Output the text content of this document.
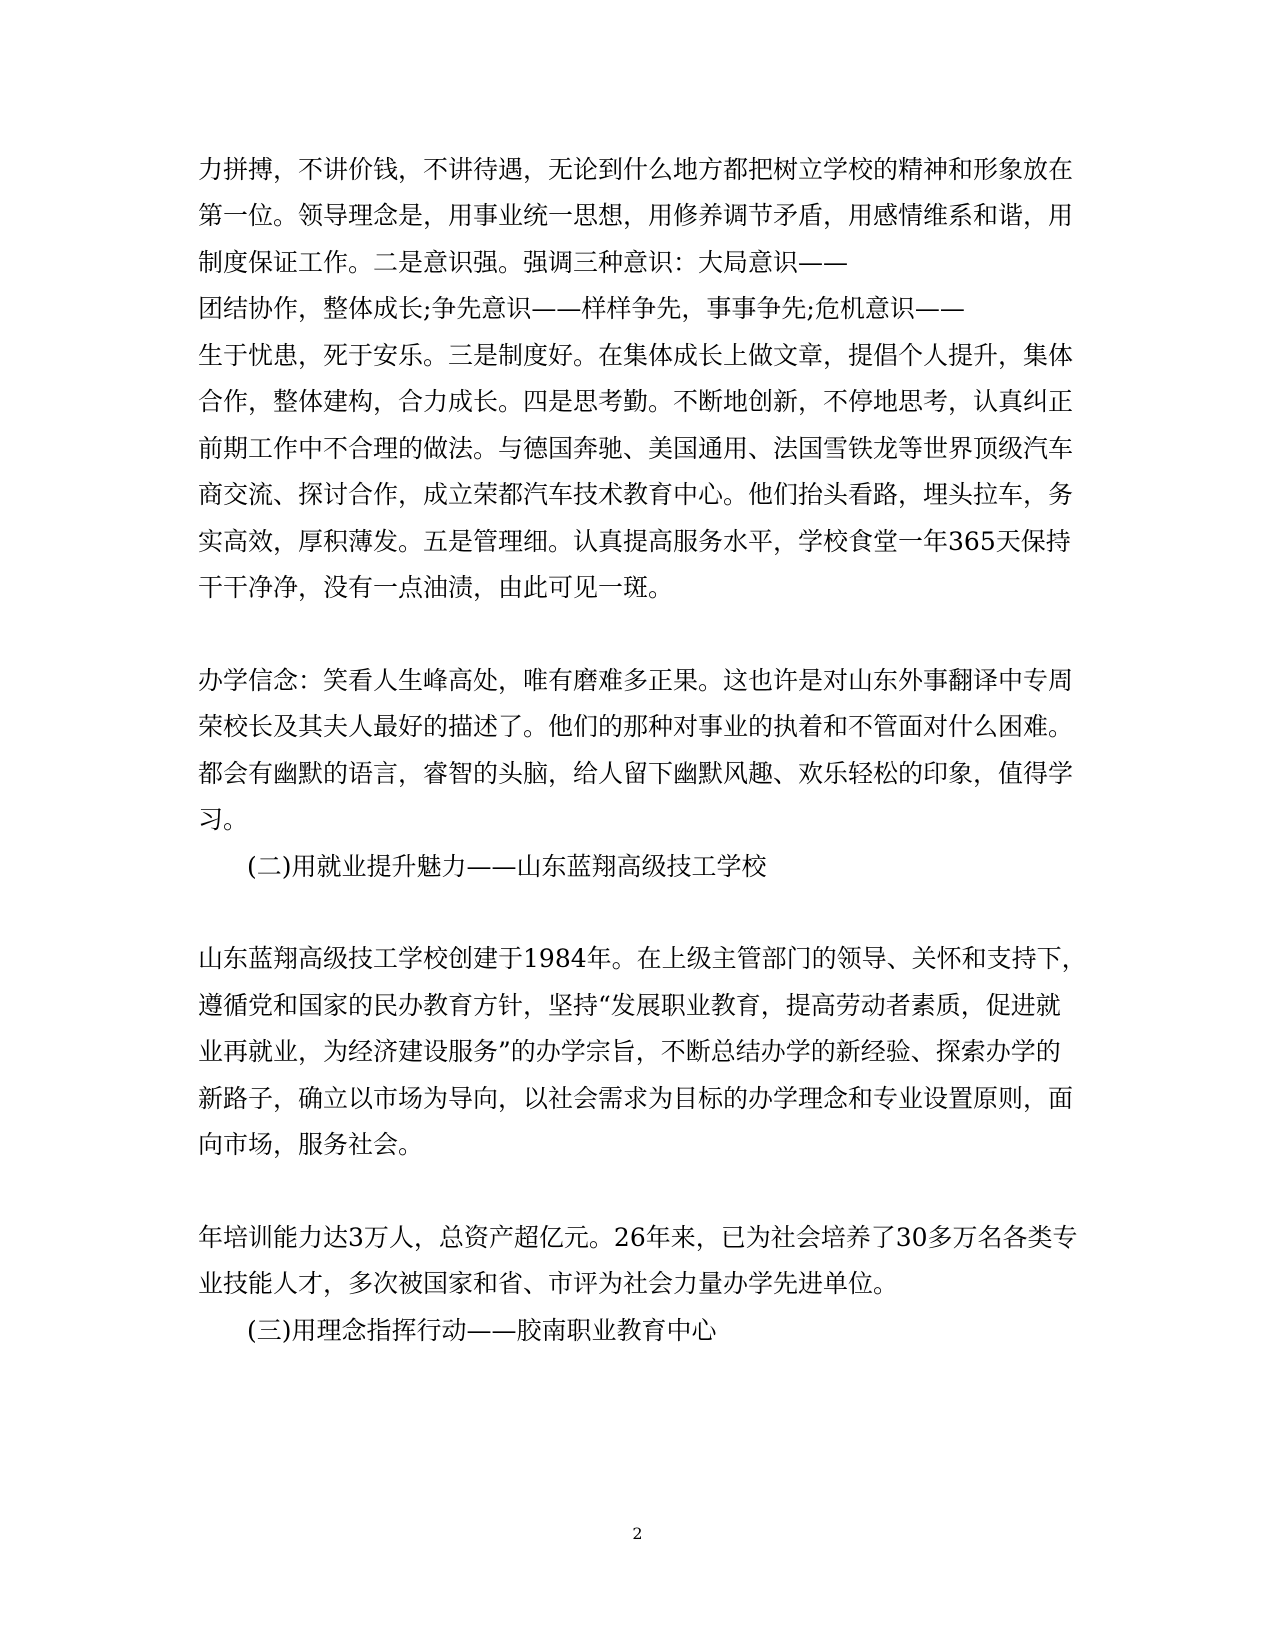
力拼搏，不讲价钱，不讲待遇，无论到什么地方都把树立学校的精神和形象放在
第一位。领导理念是，用事业统一思想，用修养调节矛盾，用感情维系和谐，用
制度保证工作。二是意识强。强调三种意识：大局意识——
团结协作，整体成长;争先意识——样样争先，事事争先;危机意识——
生于忧患，死于安乐。三是制度好。在集体成长上做文章，提倡个人提升，集体
合作，整体建构，合力成长。四是思考勤。不断地创新，不停地思考，认真纠正
前期工作中不合理的做法。与德国奔驰、美国通用、法国雪铁龙等世界顶级汽车
商交流、探讨合作，成立荣都汽车技术教育中心。他们抬头看路，埋头拉车，务
实高效，厚积薄发。五是管理细。认真提高服务水平，学校食堂一年365天保持
干干净净，没有一点油渍，由此可见一斑。
办学信念：笑看人生峰高处，唯有磨难多正果。这也许是对山东外事翻译中专周
荣校长及其夫人最好的描述了。他们的那种对事业的执着和不管面对什么困难。
都会有幽默的语言，睿智的头脑，给人留下幽默风趣、欢乐轻松的印象，值得学
习。
(二)用就业提升魅力——山东蓝翔高级技工学校
山东蓝翔高级技工学校创建于1984年。在上级主管部门的领导、关怀和支持下，
遵循党和国家的民办教育方针，坚持“发展职业教育，提高劳动者素质，促进就
业再就业，为经济建设服务”的办学宗旨，不断总结办学的新经验、探索办学的
新路子，确立以市场为导向，以社会需求为目标的办学理念和专业设置原则，面
向市场，服务社会。
年培训能力达3万人，总资产超亿元。26年来，已为社会培养了30多万名各类专
业技能人才，多次被国家和省、市评为社会力量办学先进单位。
(三)用理念指挥行动——胶南职业教育中心
2
